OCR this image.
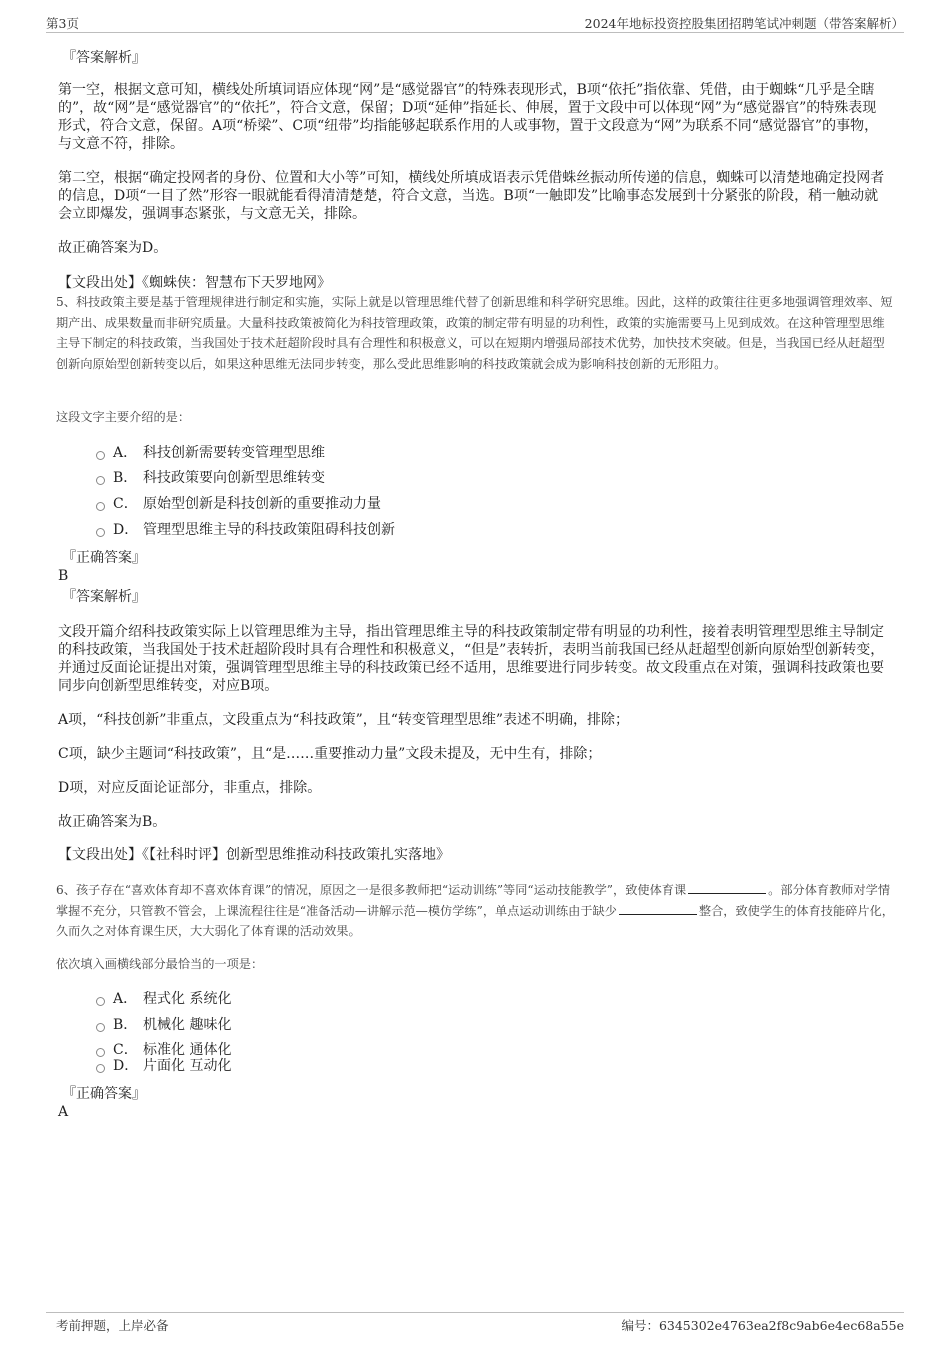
第3页	2024年地标投资控股集团招聘笔试冲刺题（带答案解析）
『答案解析』

第一空，根据文意可知，横线处所填词语应体现“网”是“感觉器官”的特殊表现形式，B项“依托”指依靠、凭借，由于蜘蛛“几乎是全瞎的”，故“网”是“感觉器官”的“依托”，符合文意，保留；D项“延伸”指延长、伸展，置于文段中可以体现“网”为“感觉器官”的特殊表现形式，符合文意，保留。A项“桥梁”、C项“纽带”均指能够起联系作用的人或事物，置于文段意为“网”为联系不同“感觉器官”的事物，与文意不符，排除。

第二空，根据“确定投网者的身份、位置和大小等”可知，横线处所填成语表示凭借蛛丝振动所传递的信息，蜘蛛可以清楚地确定投网者的信息，D项“一目了然”形容一眼就能看得清清楚楚，符合文意，当选。B项“一触即发”比喻事态发展到十分紧张的阶段，稍一触动就会立即爆发，强调事态紧张，与文意无关，排除。

故正确答案为D。

【文段出处】《蜘蛛侠：智慧布下天罗地网》

5、科技政策主要是基于管理规律进行制定和实施，实际上就是以管理思维代替了创新思维和科学研究思维。因此，这样的政策往往更多地强调管理效率、短期产出、成果数量而非研究质量。大量科技政策被简化为科技管理政策，政策的制定带有明显的功利性，政策的实施需要马上见到成效。在这种管理型思维主导下制定的科技政策，当我国处于技术赶超阶段时具有合理性和积极意义，可以在短期内增强局部技术优势，加快技术突破。但是，当我国已经从赶超型创新向原始型创新转变以后，如果这种思维无法同步转变，那么受此思维影响的科技政策就会成为影响科技创新的无形阻力。

这段文字主要介绍的是：
A． 科技创新需要转变管理型思维
B． 科技政策要向创新型思维转变
C． 原始型创新是科技创新的重要推动力量
D． 管理型思维主导的科技政策阻碍科技创新
『正确答案』
B
『答案解析』

文段开篇介绍科技政策实际上以管理思维为主导，指出管理思维主导的科技政策制定带有明显的功利性，接着表明管理型思维主导制定的科技政策，当我国处于技术赶超阶段时具有合理性和积极意义，“但是”表转折，表明当前我国已经从赶超型创新向原始型创新转变，并通过反面论证提出对策，强调管理型思维主导的科技政策已经不适用，思维要进行同步转变。故文段重点在对策，强调科技政策也要同步向创新型思维转变，对应B项。

A项，“科技创新”非重点，文段重点为“科技政策”，且“转变管理型思维”表述不明确，排除；

C项，缺少主题词“科技政策”，且“是……重要推动力量”文段未提及，无中生有，排除；

D项，对应反面论证部分，非重点，排除。

故正确答案为B。

【文段出处】《【社科时评】创新型思维推动科技政策扎实落地》

6、孩子存在“喜欢体育却不喜欢体育课”的情况，原因之一是很多教师把“运动训练”等同“运动技能教学”，致使体育课	。部分体育教师对学情掌握不充分，只管教不管会，上课流程往往是“准备活动—讲解示范—模仿学练”，单点运动训练由于缺少	整合，致使学生的体育技能碎片化，久而久之对体育课生厌，大大弱化了体育课的活动效果。

依次填入画横线部分最恰当的一项是：
A． 程式化 系统化
B． 机械化 趣味化
C． 标准化 通体化
D． 片面化 互动化
『正确答案』
A
考前押题，上岸必备	编号：6345302e4763ea2f8c9ab6e4ec68a55e
